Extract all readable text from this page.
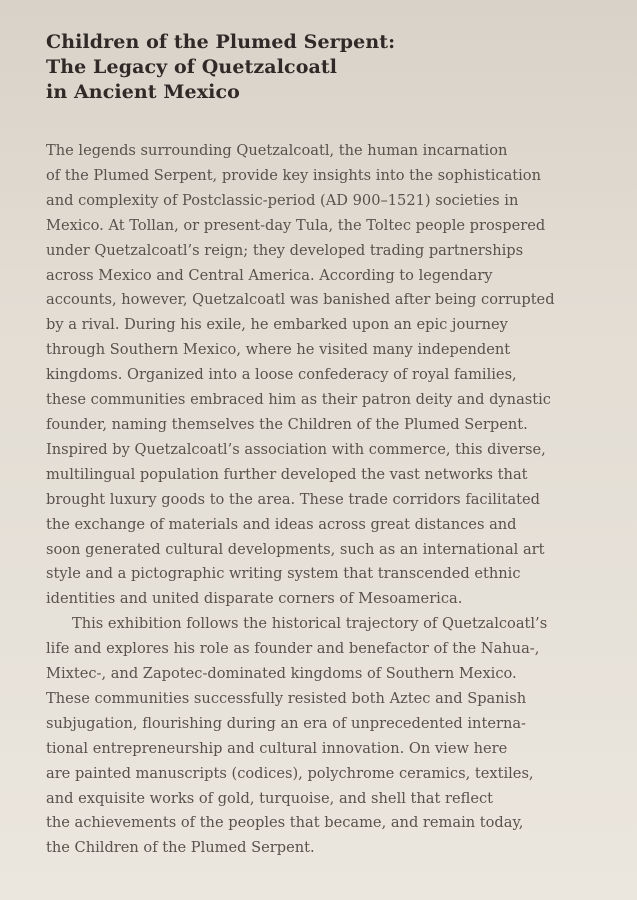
Children of the Plumed Serpent:
The Legacy of Quetzalcoatl
in Ancient Mexico

The legends surrounding Quetzalcoatl, the human incarnation
of the Plumed Serpent, provide key insights into the sophistication
and complexity of Postclassic-period (AD 900–1521) societies in
Mexico. At Tollan, or present-day Tula, the Toltec people prospered
under Quetzalcoatl’s reign; they developed trading partnerships
across Mexico and Central America. According to legendary
accounts, however, Quetzalcoatl was banished after being corrupted
by a rival. During his exile, he embarked upon an epic journey
through Southern Mexico, where he visited many independent
kingdoms. Organized into a loose confederacy of royal families,
these communities embraced him as their patron deity and dynastic
founder, naming themselves the Children of the Plumed Serpent.
Inspired by Quetzalcoatl’s association with commerce, this diverse,
multilingual population further developed the vast networks that
brought luxury goods to the area. These trade corridors facilitated
the exchange of materials and ideas across great distances and
soon generated cultural developments, such as an international art
style and a pictographic writing system that transcended ethnic
identities and united disparate corners of Mesoamerica.

This exhibition follows the historical trajectory of Quetzalcoatl’s
life and explores his role as founder and benefactor of the Nahua-,
Mixtec-, and Zapotec-dominated kingdoms of Southern Mexico.
These communities successfully resisted both Aztec and Spanish
subjugation, flourishing during an era of unprecedented interna-
tional entrepreneurship and cultural innovation. On view here
are painted manuscripts (codices), polychrome ceramics, textiles,
and exquisite works of gold, turquoise, and shell that reflect
the achievements of the peoples that became, and remain today,
the Children of the Plumed Serpent.
